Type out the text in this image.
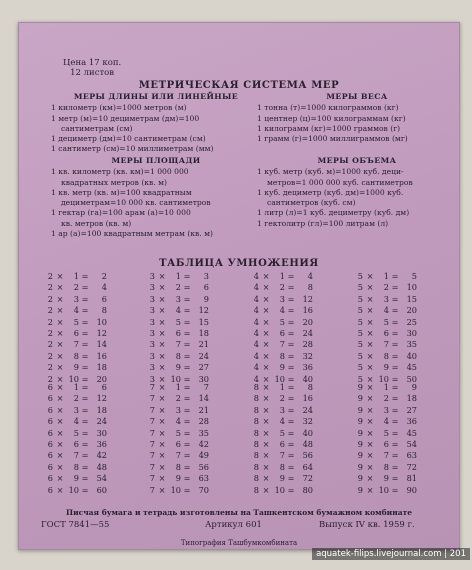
Цена 17 коп.
12 листов
МЕТРИЧЕСКАЯ СИСТЕМА МЕР
МЕРЫ ДЛИНЫ ИЛИ ЛИНЕЙНЫЕ
1 километр (км)=1000 метров (м)
1 метр (м)=10 дециметрам (дм)=100
сантиметрам (см)
1 дециметр (дм)=10 сантиметрам (см)
1 сантиметр (см)=10 миллиметрам (мм)
МЕРЫ ВЕСА
1 тонна (т)=1000 килограммов (кг)
1 центнер (ц)=100 килограммам (кг)
1 килограмм (кг)=1000 граммов (г)
1 грамм (г)=1000 миллиграммов (мг)
МЕРЫ ПЛОЩАДИ
1 кв. километр (кв. км)=1 000 000
квадратных метров (кв. м)
1 кв. метр (кв. м)=100 квадратным
дециметрам=10 000 кв. сантиметров
1 гектар (га)=100 арам (а)=10 000
кв. метров (кв. м)
1 ар (а)=100 квадратным метрам (кв. м)
МЕРЫ ОБЪЕМА
1 куб. метр (куб. м)=1000 куб. деци-
метров=1 000 000 куб. сантиметров
1 куб. дециметр (куб. дм)=1000 куб.
сантиметров (куб. см)
1 литр (л)=1 куб. дециметру (куб. дм)
1 гектолитр (гл)=100 литрам (л)
ТАБЛИЦА УМНОЖЕНИЯ
2 ×	1 =	2
2 ×	2 =	4
2 ×	3 =	6
2 ×	4 =	8
2 ×	5 = 10
2 ×	6 = 12
2 ×	7 = 14
2 ×	8 = 16
2 ×	9 = 18
2 × 10 = 20
3 ×	1 =	3
3 ×	2 =	6
3 ×	3 =	9
3 ×	4 = 12
3 ×	5 = 15
3 ×	6 = 18
3 ×	7 = 21
3 ×	8 = 24
3 ×	9 = 27
3 × 10 = 30
4 ×	1 =	4
4 ×	2 =	8
4 ×	3 = 12
4 ×	4 = 16
4 ×	5 = 20
4 ×	6 = 24
4 ×	7 = 28
4 ×	8 = 32
4 ×	9 = 36
4 × 10 = 40
5 ×	1 =	5
5 ×	2 = 10
5 ×	3 = 15
5 ×	4 = 20
5 ×	5 = 25
5 ×	6 = 30
5 ×	7 = 35
5 ×	8 = 40
5 ×	9 = 45
5 × 10 = 50
6 ×	1 =	6
6 ×	2 = 12
6 ×	3 = 18
6 ×	4 = 24
6 ×	5 = 30
6 ×	6 = 36
6 ×	7 = 42
6 ×	8 = 48
6 ×	9 = 54
6 × 10 = 60
7 ×	1 =	7
7 ×	2 = 14
7 ×	3 = 21
7 ×	4 = 28
7 ×	5 = 35
7 ×	6 = 42
7 ×	7 = 49
7 ×	8 = 56
7 ×	9 = 63
7 × 10 = 70
8 ×	1 =	8
8 ×	2 = 16
8 ×	3 = 24
8 ×	4 = 32
8 ×	5 = 40
8 ×	6 = 48
8 ×	7 = 56
8 ×	8 = 64
8 ×	9 = 72
8 × 10 = 80
9 ×	1 =	9
9 ×	2 = 18
9 ×	3 = 27
9 ×	4 = 36
9 ×	5 = 45
9 ×	6 = 54
9 ×	7 = 63
9 ×	8 = 72
9 ×	9 = 81
9 × 10 = 90
Писчая бумага и тетрадь изготовлены на Ташкентском бумажном комбинате
ГОСТ 7841—55	Артикул 601	Выпуск IV кв. 1959 г.
Типография Ташбумкомбината
aquatek-filips.livejournal.com | 201
